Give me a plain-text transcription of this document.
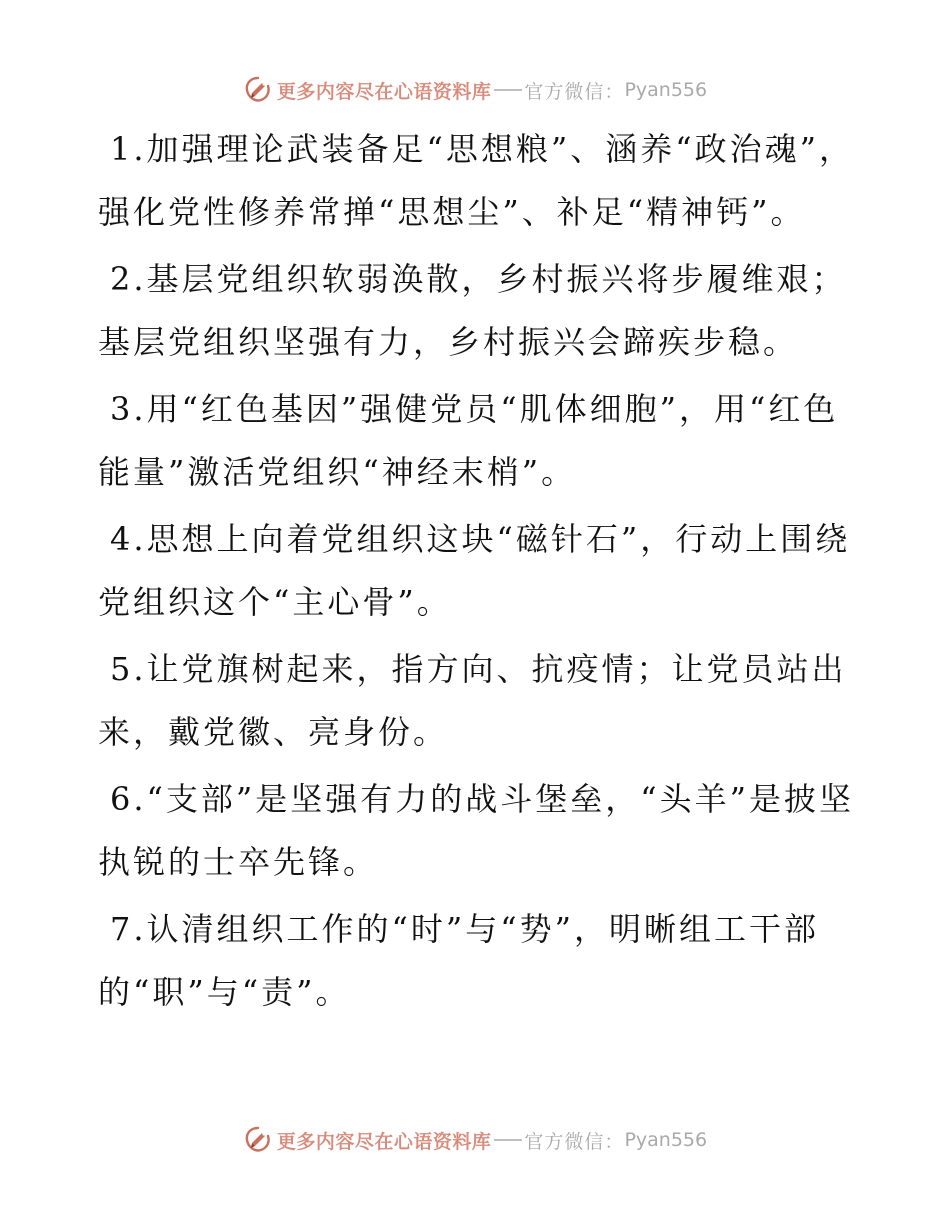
更多内容尽在心语资料库 官方微信： Pyan556

1.加强理论武装备足“思想粮”、涵养“政治魂”，强化党性修养常掸“思想尘”、补足“精神钙”。

2.基层党组织软弱涣散，乡村振兴将步履维艰；基层党组织坚强有力，乡村振兴会蹄疾步稳。

3.用“红色基因”强健党员“肌体细胞”，用“红色能量”激活党组织“神经末梢”。

4.思想上向着党组织这块“磁针石”，行动上围绕党组织这个“主心骨”。

5.让党旗树起来，指方向、抗疫情；让党员站出来，戴党徽、亮身份。

6.“支部”是坚强有力的战斗堡垒，“头羊”是披坚执锐的士卒先锋。

7.认清组织工作的“时”与“势”，明晰组工干部的“职”与“责”。

更多内容尽在心语资料库 官方微信： Pyan556
